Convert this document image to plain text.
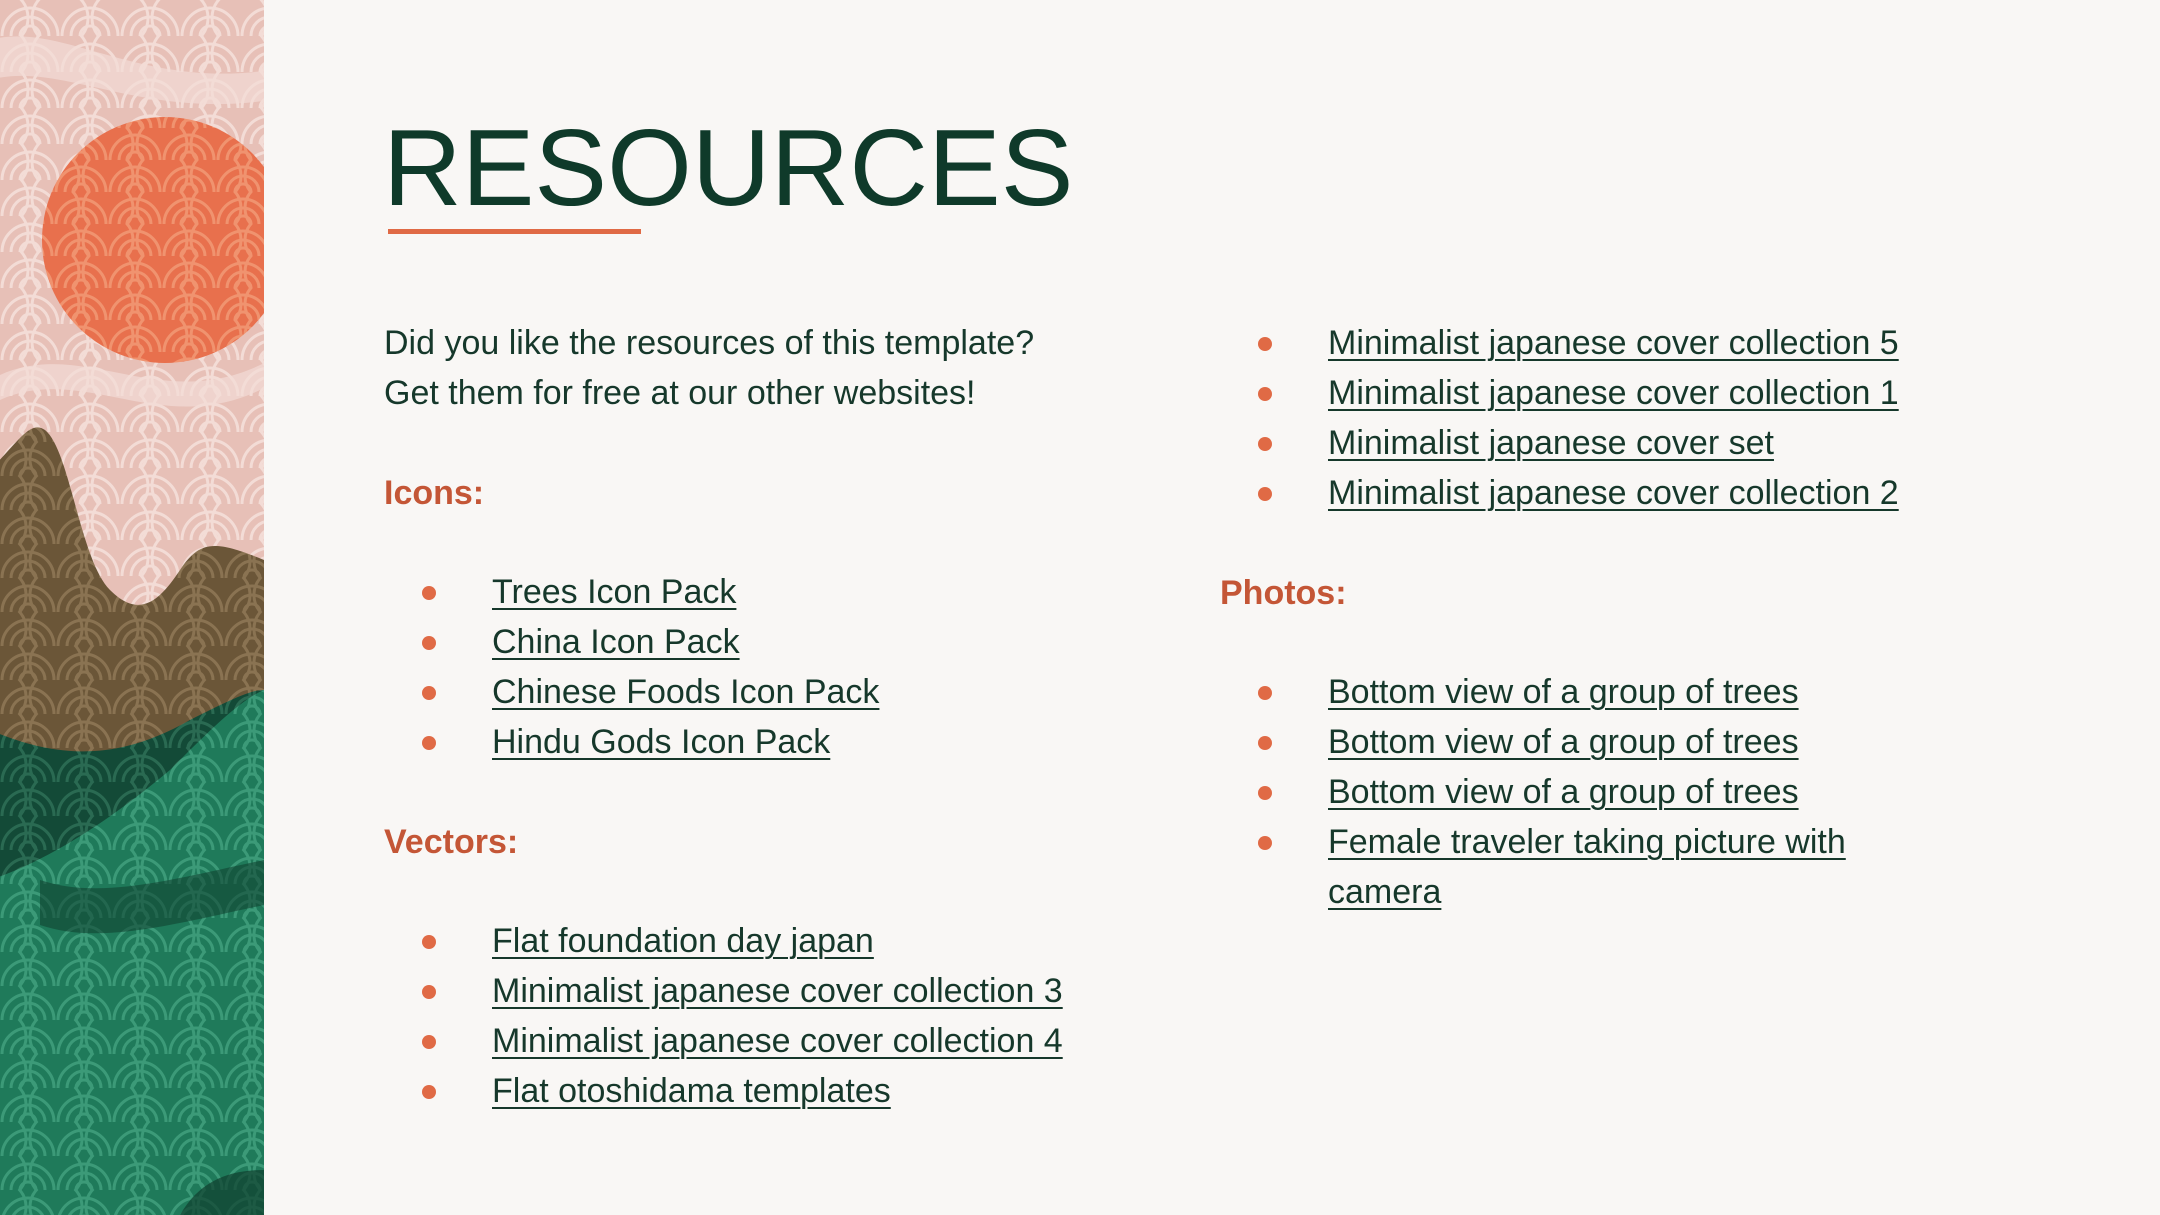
RESOURCES

Did you like the resources of this template?
Get them for free at our other websites!

Icons:

Trees Icon Pack
China Icon Pack
Chinese Foods Icon Pack
Hindu Gods Icon Pack

Vectors:

Flat foundation day japan
Minimalist japanese cover collection 3
Minimalist japanese cover collection 4
Flat otoshidama templates
Minimalist japanese cover collection 5
Minimalist japanese cover collection 1
Minimalist japanese cover set
Minimalist japanese cover collection 2

Photos:

Bottom view of a group of trees
Bottom view of a group of trees
Bottom view of a group of trees
Female traveler taking picture with camera
